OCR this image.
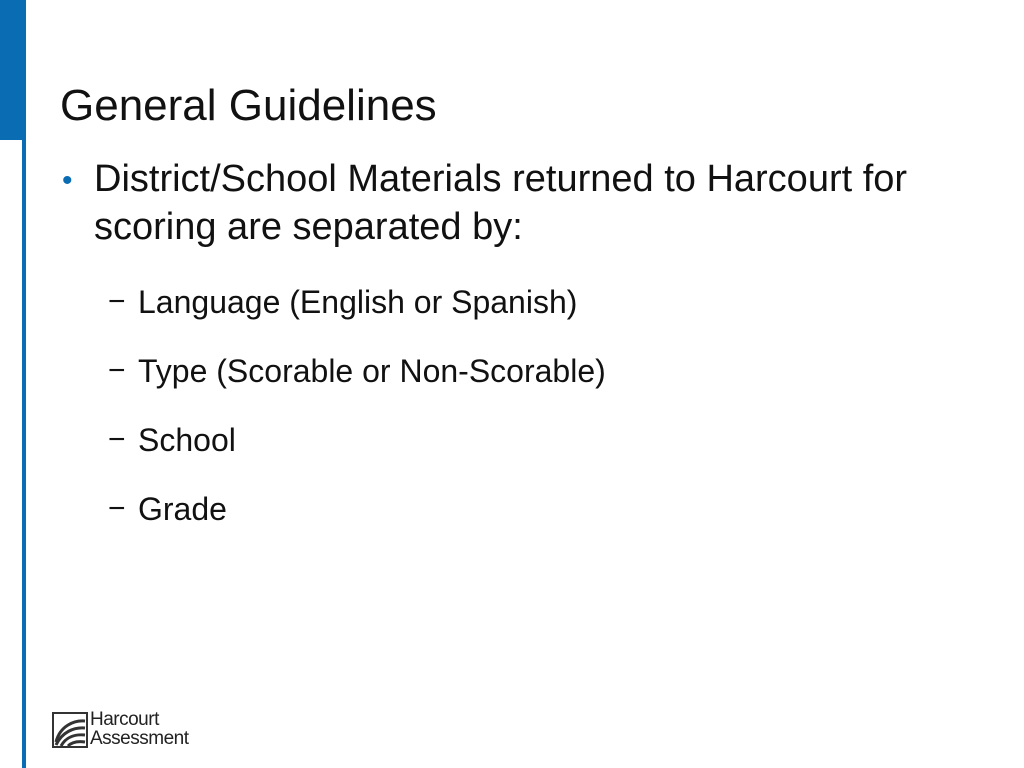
General Guidelines
• District/School Materials returned to Harcourt for scoring are separated by:
− Language (English or Spanish)
− Type (Scorable or Non-Scorable)
− School
− Grade
Harcourt
Assessment
